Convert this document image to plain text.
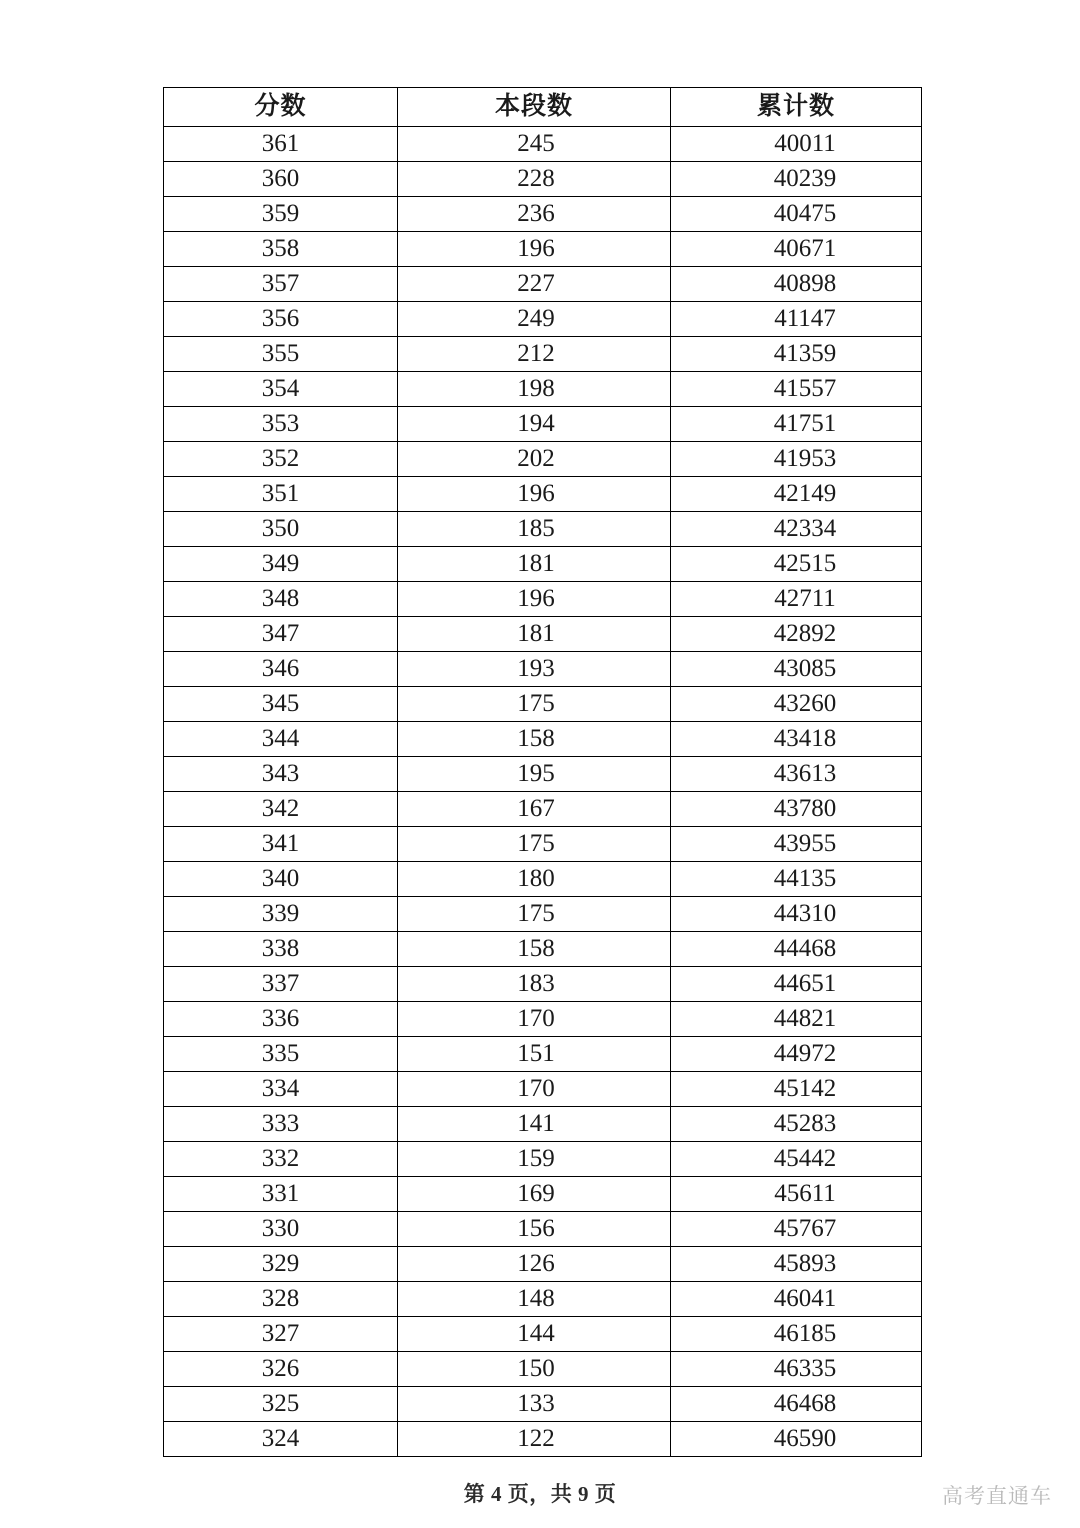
分数	本段数	累计数
361	245	40011
360	228	40239
359	236	40475
358	196	40671
357	227	40898
356	249	41147
355	212	41359
354	198	41557
353	194	41751
352	202	41953
351	196	42149
350	185	42334
349	181	42515
348	196	42711
347	181	42892
346	193	43085
345	175	43260
344	158	43418
343	195	43613
342	167	43780
341	175	43955
340	180	44135
339	175	44310
338	158	44468
337	183	44651
336	170	44821
335	151	44972
334	170	45142
333	141	45283
332	159	45442
331	169	45611
330	156	45767
329	126	45893
328	148	46041
327	144	46185
326	150	46335
325	133	46468
324	122	46590
第 4 页，共 9 页	高考直通车
